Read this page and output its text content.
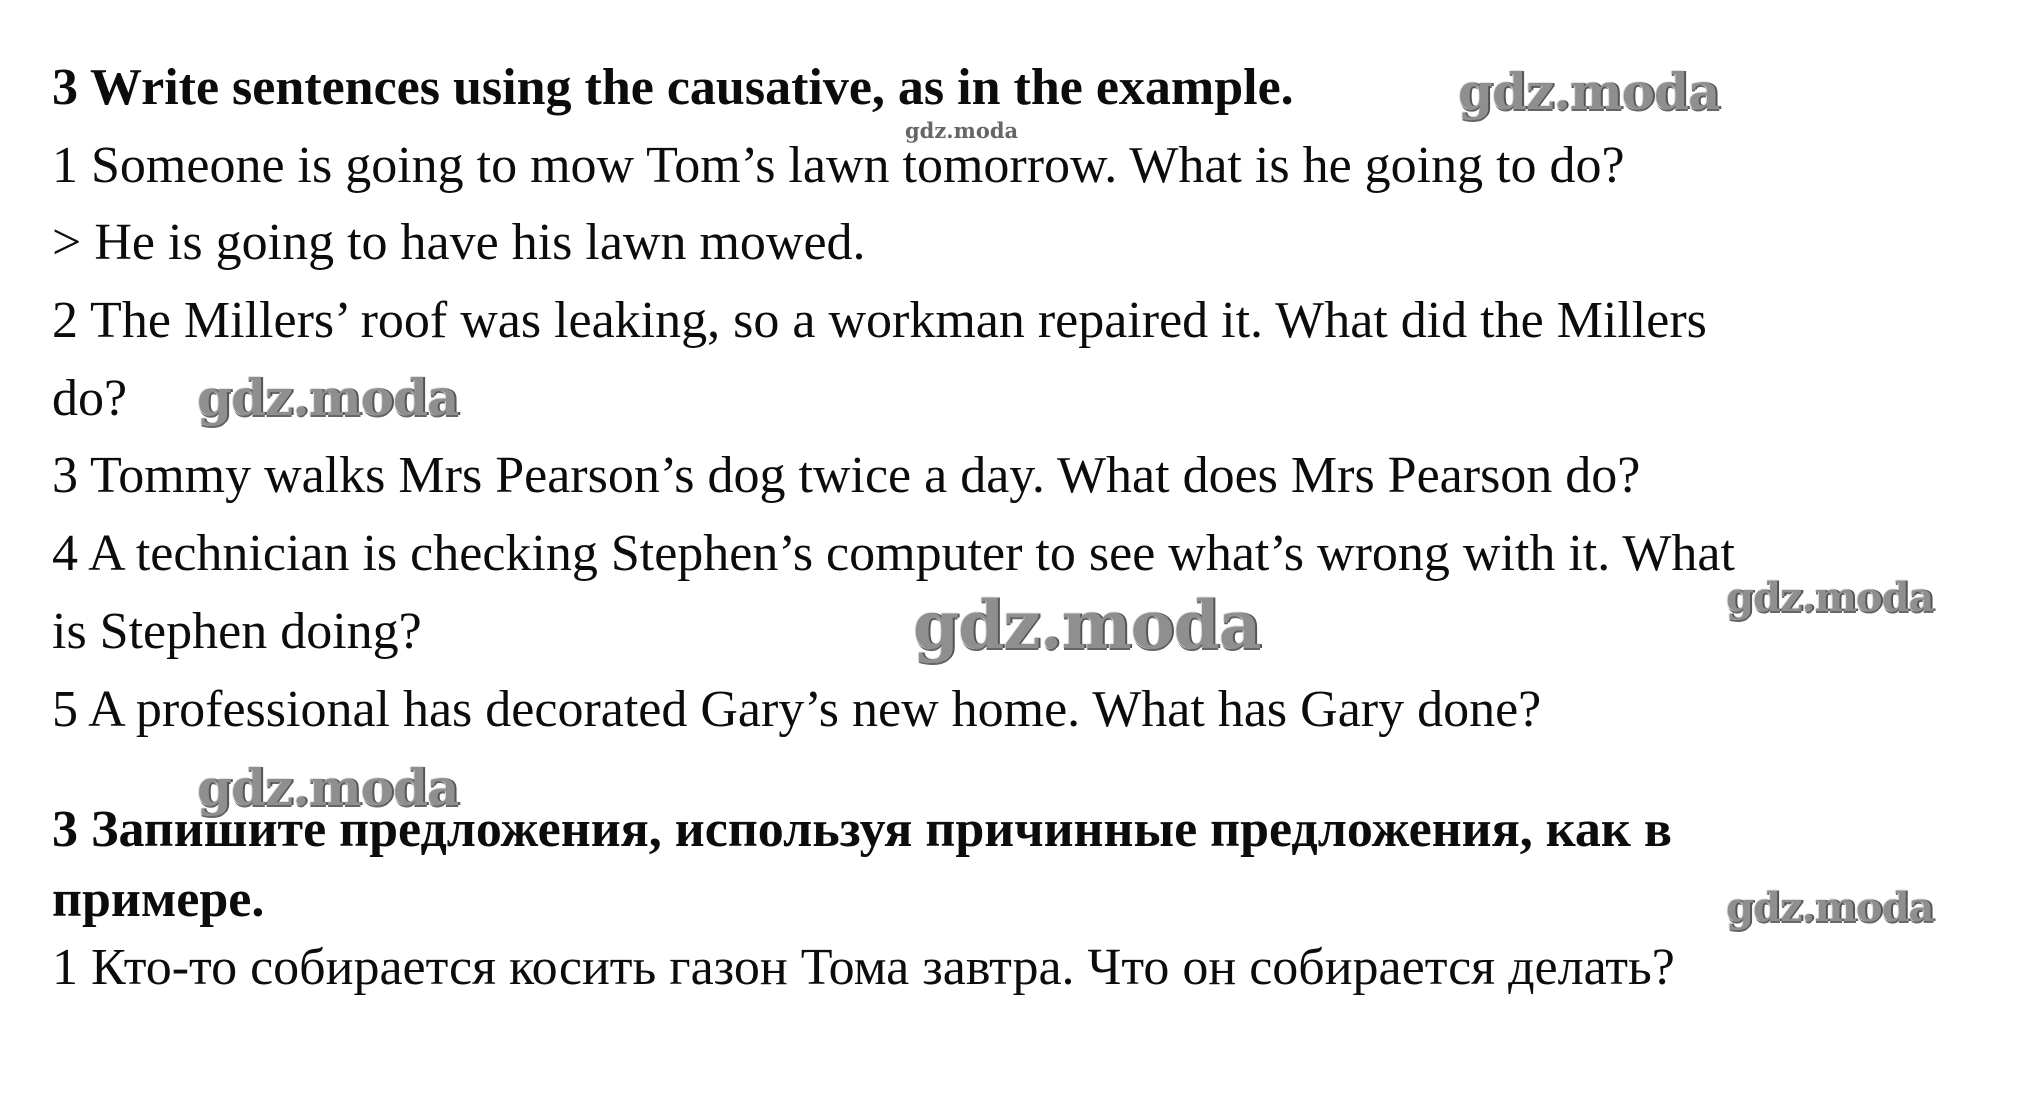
3 Write sentences using the causative, as in the example.
1 Someone is going to mow Tom’s lawn tomorrow. What is he going to do?
> He is going to have his lawn mowed.
2 The Millers’ roof was leaking, so a workman repaired it. What did the Millers
do?
3 Tommy walks Mrs Pearson’s dog twice a day. What does Mrs Pearson do?
4 A technician is checking Stephen’s computer to see what’s wrong with it. What
is Stephen doing?
5 A professional has decorated Gary’s new home. What has Gary done?
3 Запишите предложения, используя причинные предложения, как в
примере.
1 Кто-то собирается косить газон Тома завтра. Что он собирается делать?
gdz.moda
gdz.moda
gdz.moda
gdz.moda
gdz.moda
gdz.moda
gdz.moda
